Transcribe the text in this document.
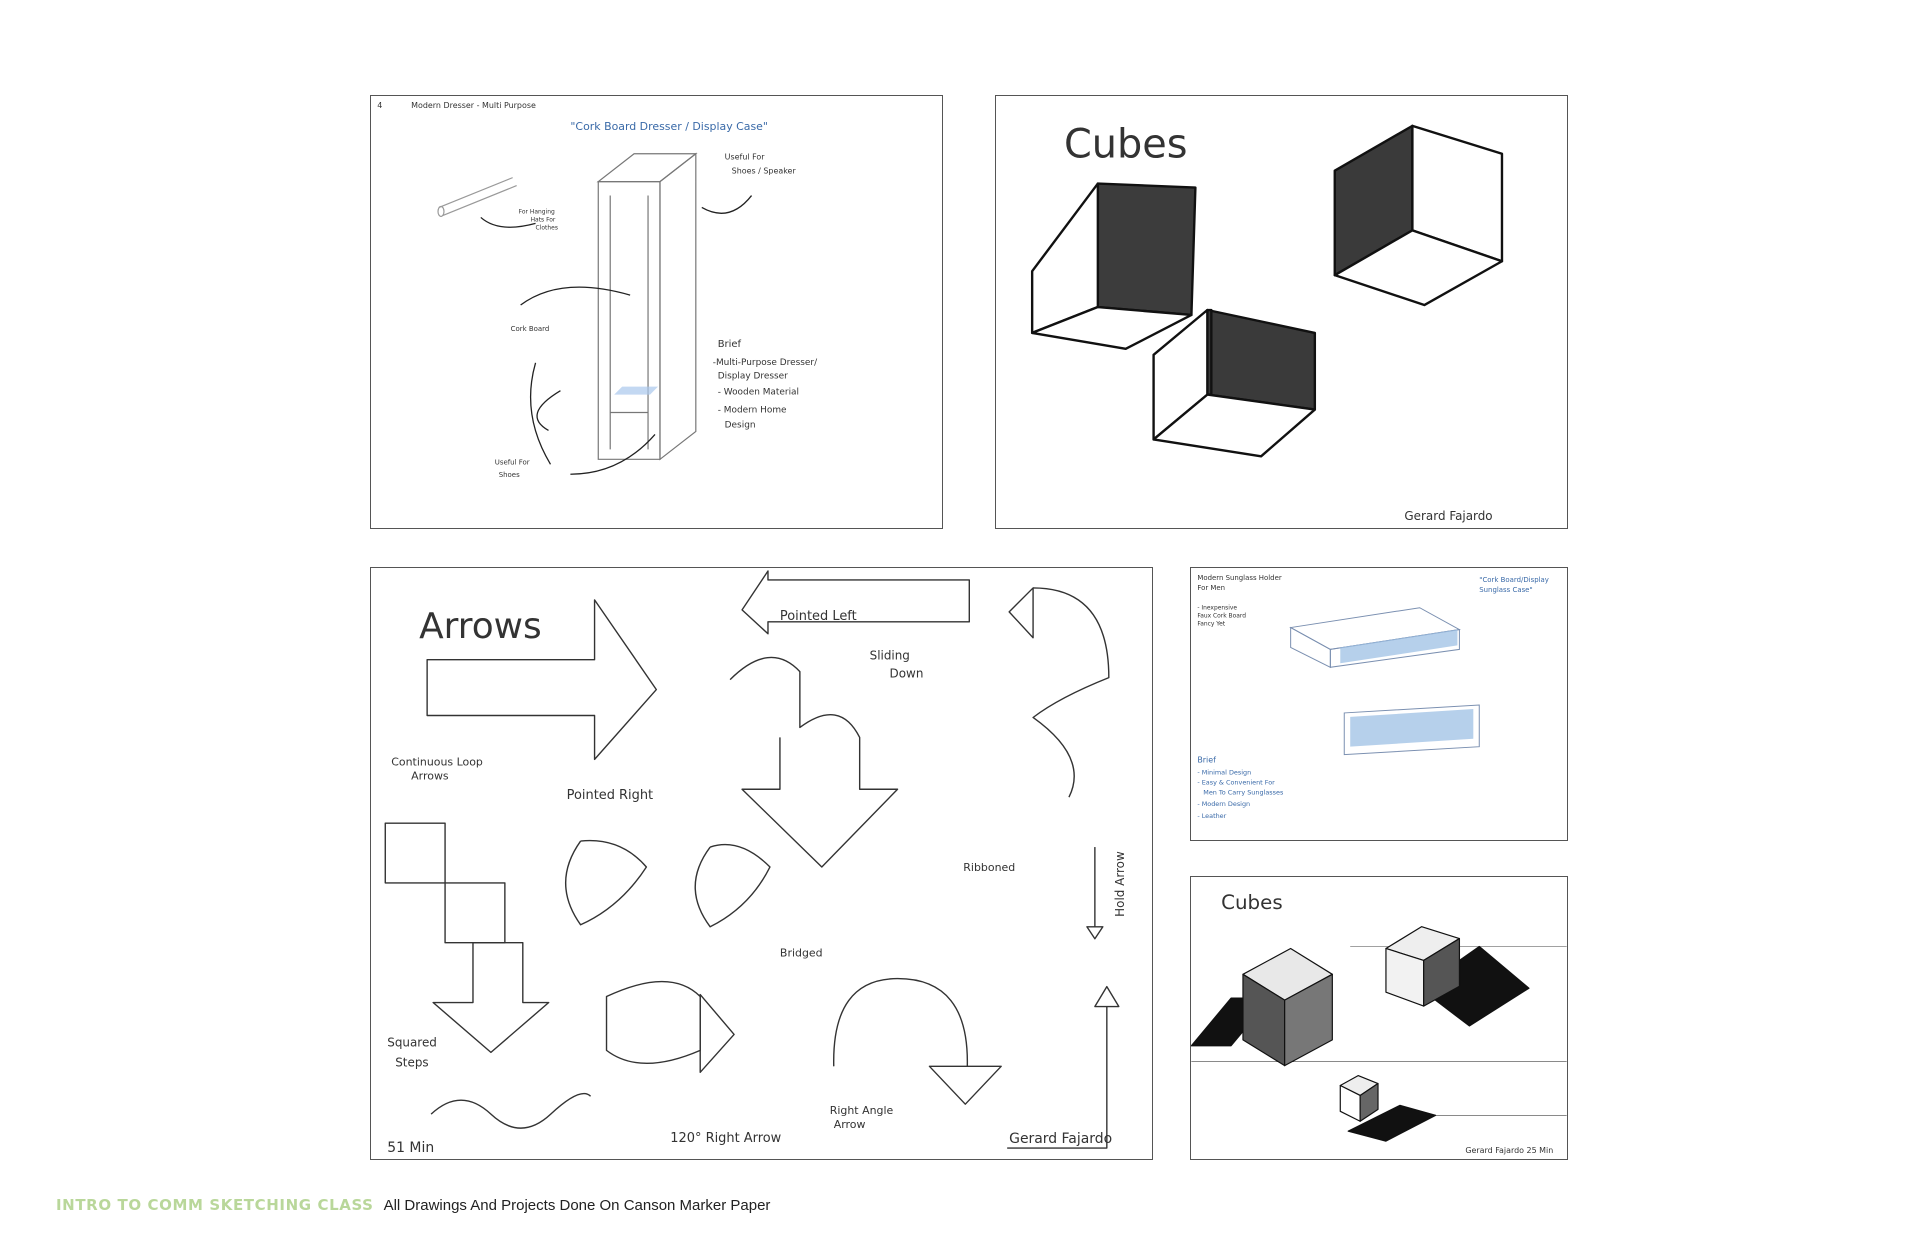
4	Modern Dresser - Multi Purpose
"Cork Board Dresser / Display Case"
Useful For
Shoes / Speaker
For Hanging
Hats For
Clothes
Cork Board
Useful For
Shoes
Brief
-Multi-Purpose Dresser/
Display Dresser
- Wooden Material
- Modern Home
Design
Cubes
Gerard Fajardo
Arrows	Pointed Left
Sliding
Down
Continuous Loop
Arrows
Pointed Right
Ribboned	Hold Arrow
Bridged
Squared
Steps
51 Min
120° Right Arrow
Right Angle
Arrow
Gerard Fajardo
Modern Sunglass Holder
For Men
"Cork Board/Display
Sunglass Case"
- Inexpensive
Faux Cork Board
Fancy Yet
Brief
- Minimal Design
- Easy & Convenient For
Men To Carry Sunglasses
- Modern Design
- Leather
Cubes
Gerard Fajardo 25 Min
INTRO TO COMM SKETCHING CLASS All Drawings And Projects Done On Canson Marker Paper
